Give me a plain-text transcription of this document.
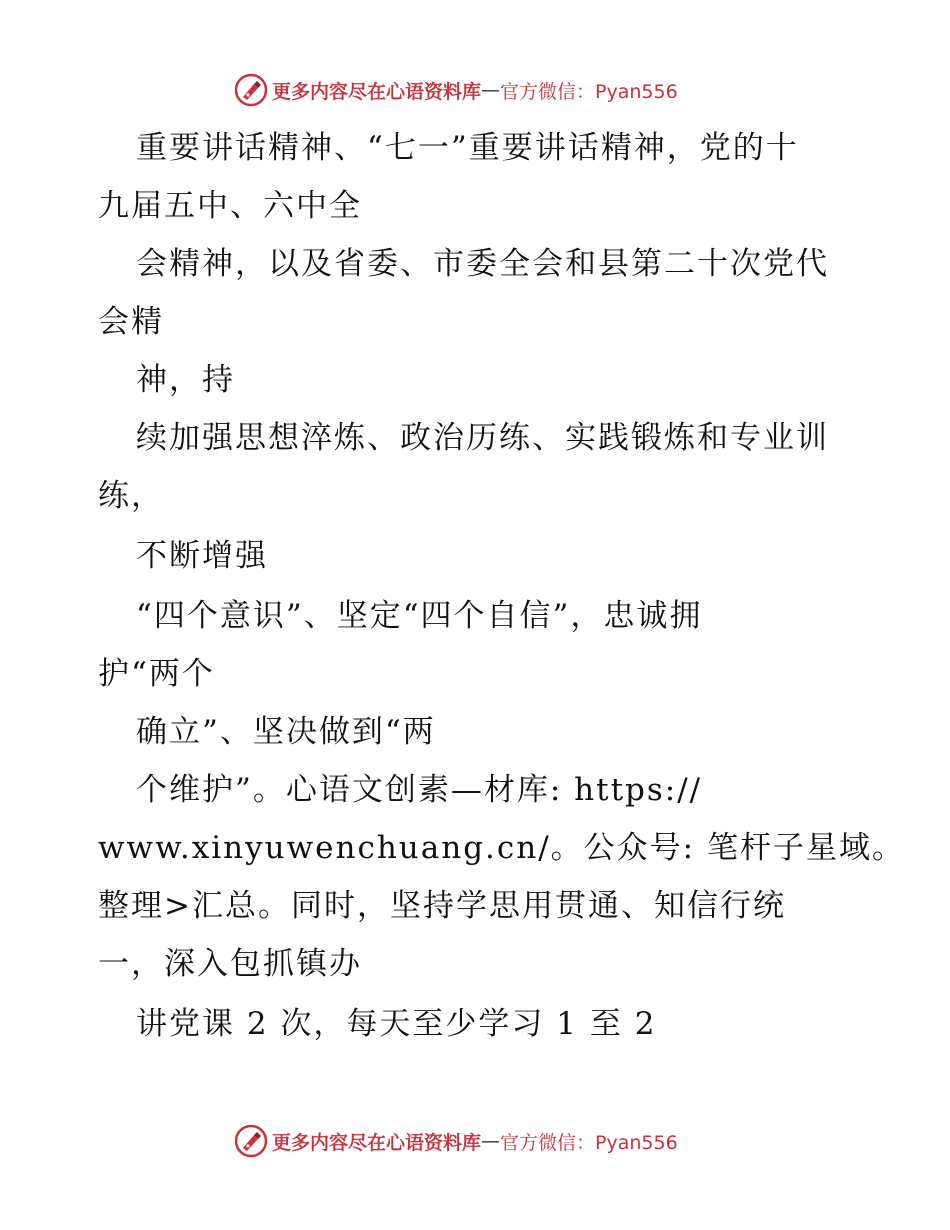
更多内容尽在心语资料库 — 官方微信：Pyan556
重要讲话精神、“七一”重要讲话精神，党的十
九届五中、六中全
会精神，以及省委、市委全会和县第二十次党代
会精
神，持
续加强思想淬炼、政治历练、实践锻炼和专业训
练，
不断增强
“四个意识”、坚定“四个自信”，忠诚拥
护“两个
确立”、坚决做到“两
个维护”。心语文创素—材库: https://
www.xinyuwenchuang.cn/。公众号: 笔杆子星域。
整理>汇总。同时，坚持学思用贯通、知信行统
一，深入包抓镇办
讲党课 2 次，每天至少学习 1 至 2
更多内容尽在心语资料库 — 官方微信：Pyan556
